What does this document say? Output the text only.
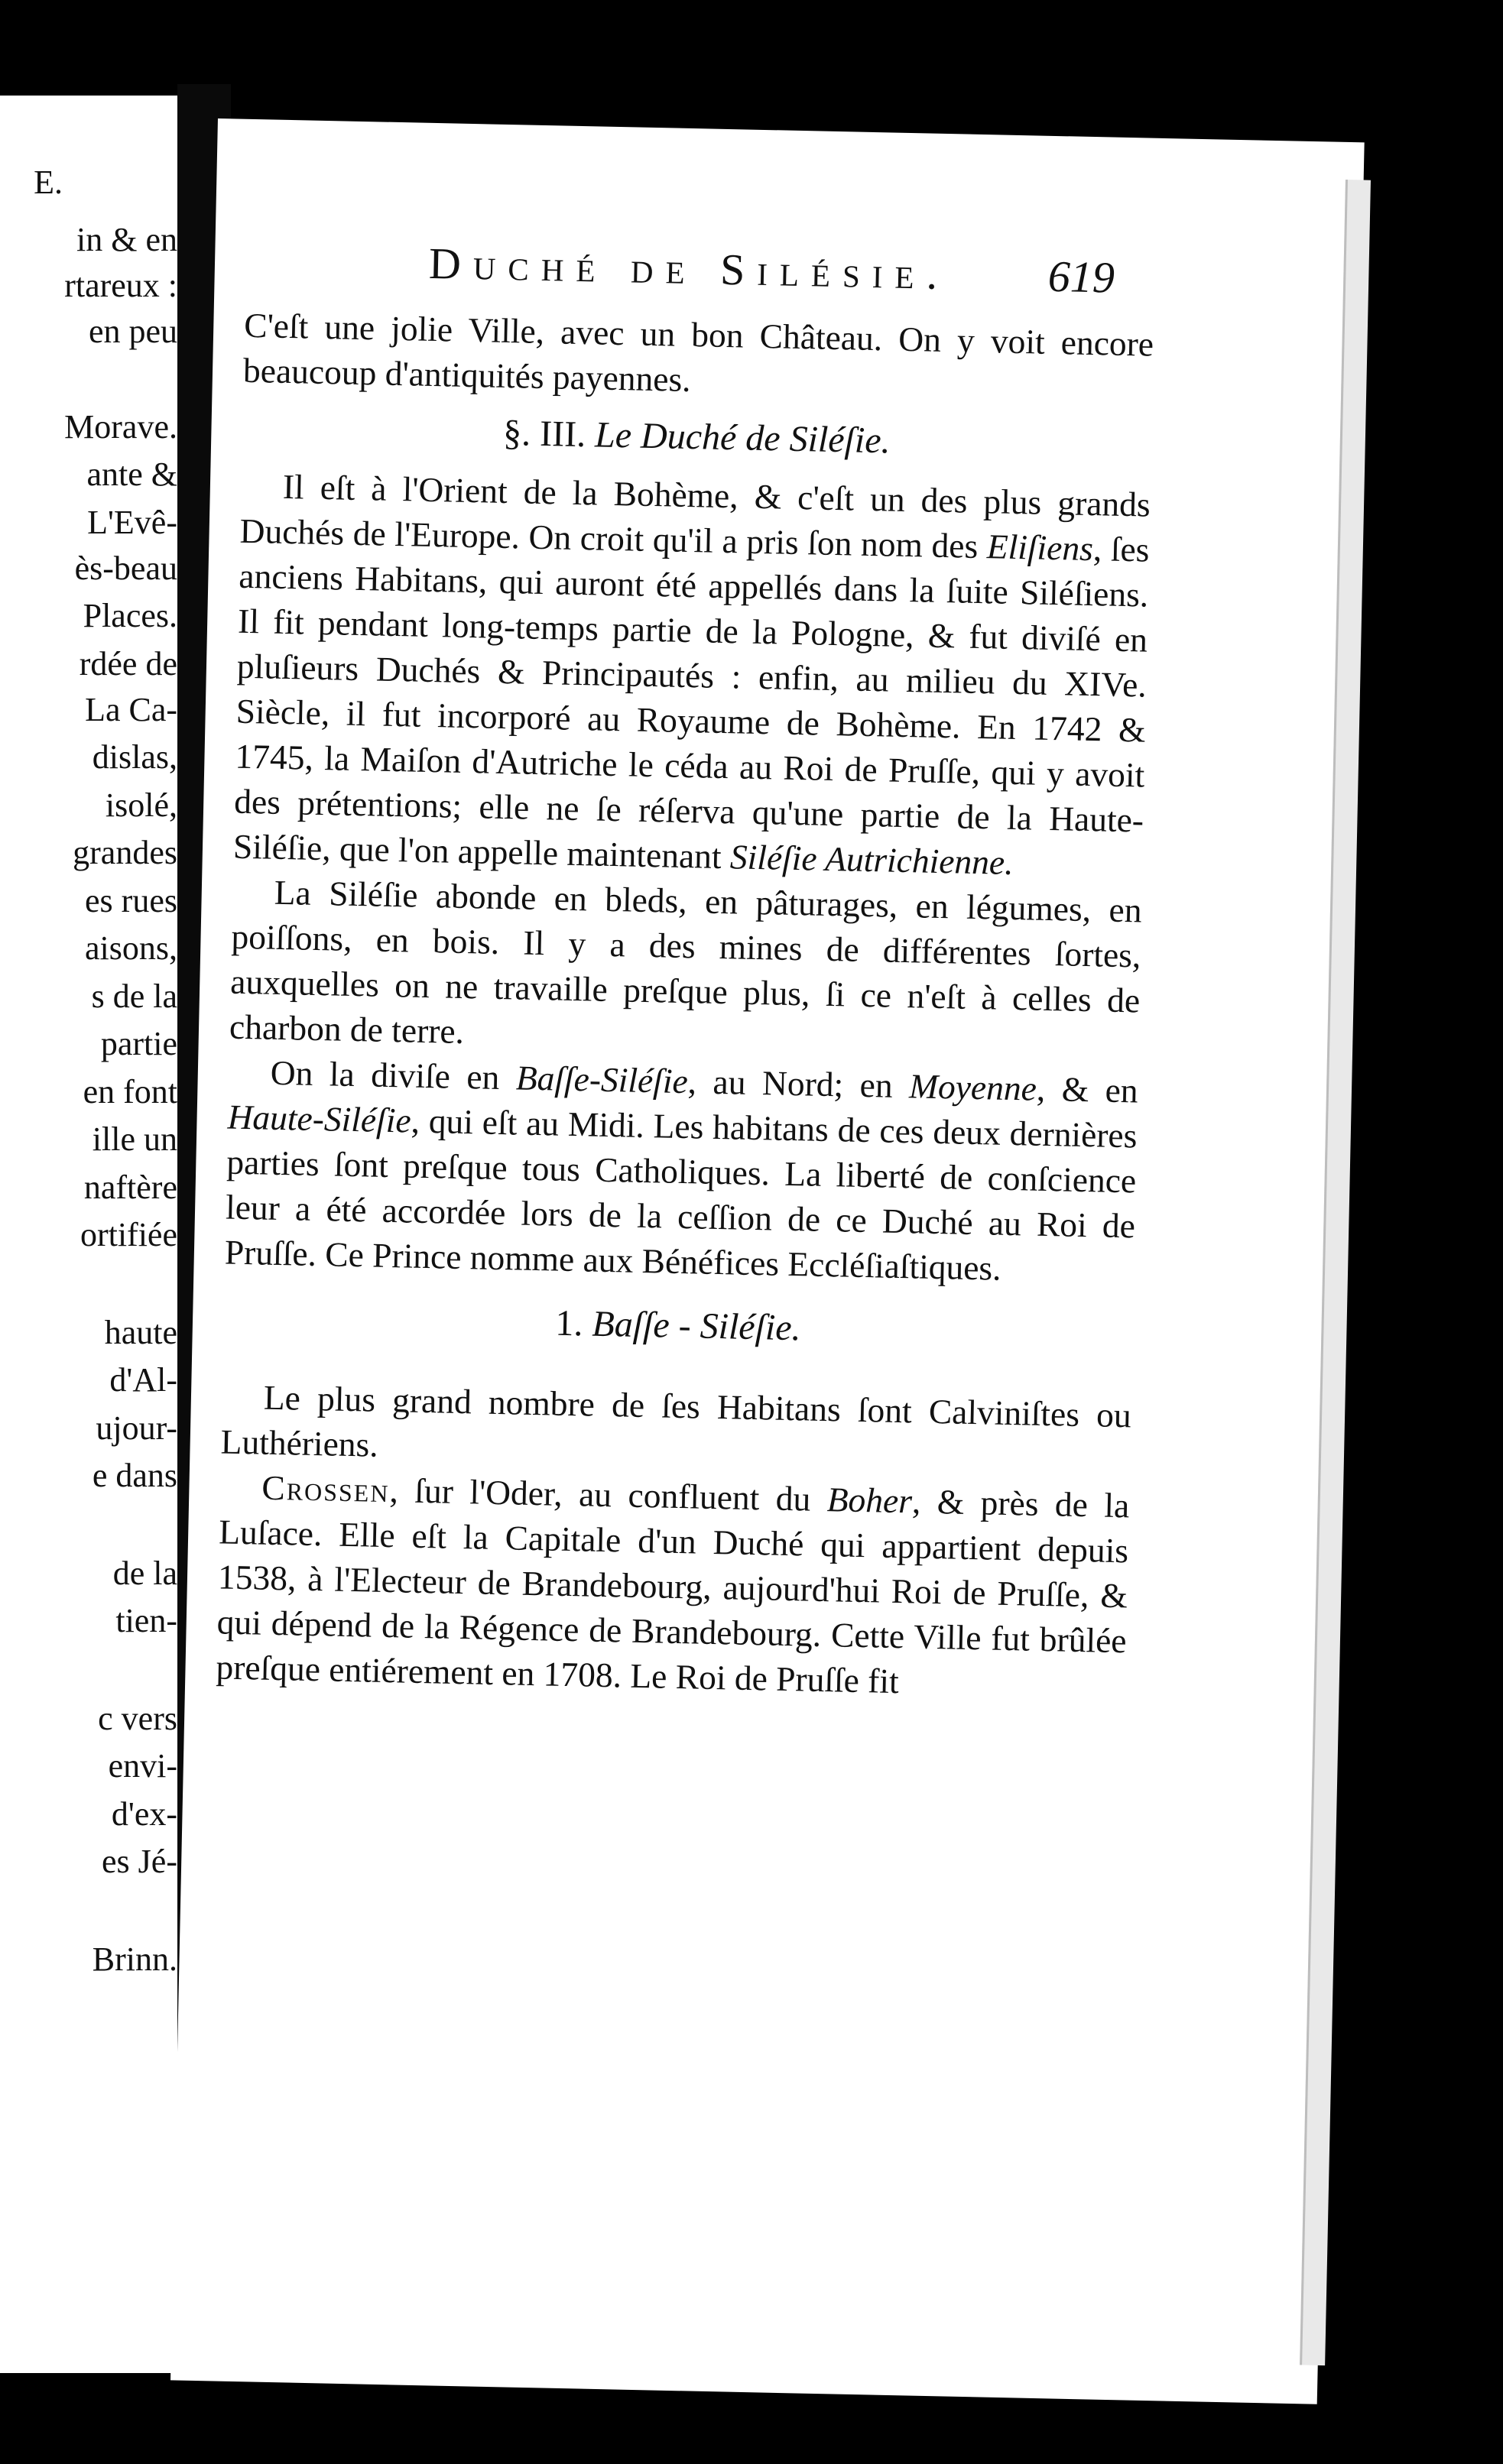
E.
in & en
rtareux :
en peu
Morave.
ante &
L'Evê-
ès-beau
Places.
rdée de
La Ca-
dislas,
isolé,
grandes
es rues
aisons,
s de la
partie
en font
ille un
naftère
ortifiée
haute
d'Al-
ujour-
e dans
de la
tien-
c vers
envi-
d'ex-
es Jé-
Brinn.
Duché de Silésie. 619

C'eſt une jolie Ville, avec un bon Château. On y voit encore beaucoup d'antiquités payennes.

§. III. Le Duché de Siléſie.

Il eſt à l'Orient de la Bohème, & c'eſt un des plus grands Duchés de l'Europe. On croit qu'il a pris ſon nom des Eliſiens, ſes anciens Habitans, qui auront été appellés dans la ſuite Siléſiens. Il fit pendant long-temps partie de la Pologne, & fut diviſé en pluſieurs Duchés & Principautés : enfin, au milieu du XIVe. Siècle, il fut incorporé au Royaume de Bohème. En 1742 & 1745, la Maiſon d'Autriche le céda au Roi de Pruſſe, qui y avoit des prétentions; elle ne ſe réſerva qu'une partie de la Haute-Siléſie, que l'on appelle maintenant Siléſie Autrichienne.

La Siléſie abonde en bleds, en pâturages, en légumes, en poiſſons, en bois. Il y a des mines de différentes ſortes, auxquelles on ne travaille preſque plus, ſi ce n'eſt à celles de charbon de terre.

On la diviſe en Baſſe-Siléſie, au Nord; en Moyenne, & en Haute-Siléſie, qui eſt au Midi. Les habitans de ces deux dernières parties ſont preſque tous Catholiques. La liberté de conſcience leur a été accordée lors de la ceſſion de ce Duché au Roi de Pruſſe. Ce Prince nomme aux Bénéfices Eccléſiaſtiques.

1. Baſſe - Siléſie.

Le plus grand nombre de ſes Habitans ſont Calviniſtes ou Luthériens.

Crossen, ſur l'Oder, au confluent du Boher, & près de la Luſace. Elle eſt la Capitale d'un Duché qui appartient depuis 1538, à l'Electeur de Brandebourg, aujourd'hui Roi de Pruſſe, & qui dépend de la Régence de Brandebourg. Cette Ville fut brûlée preſque entiérement en 1708. Le Roi de Pruſſe fit
